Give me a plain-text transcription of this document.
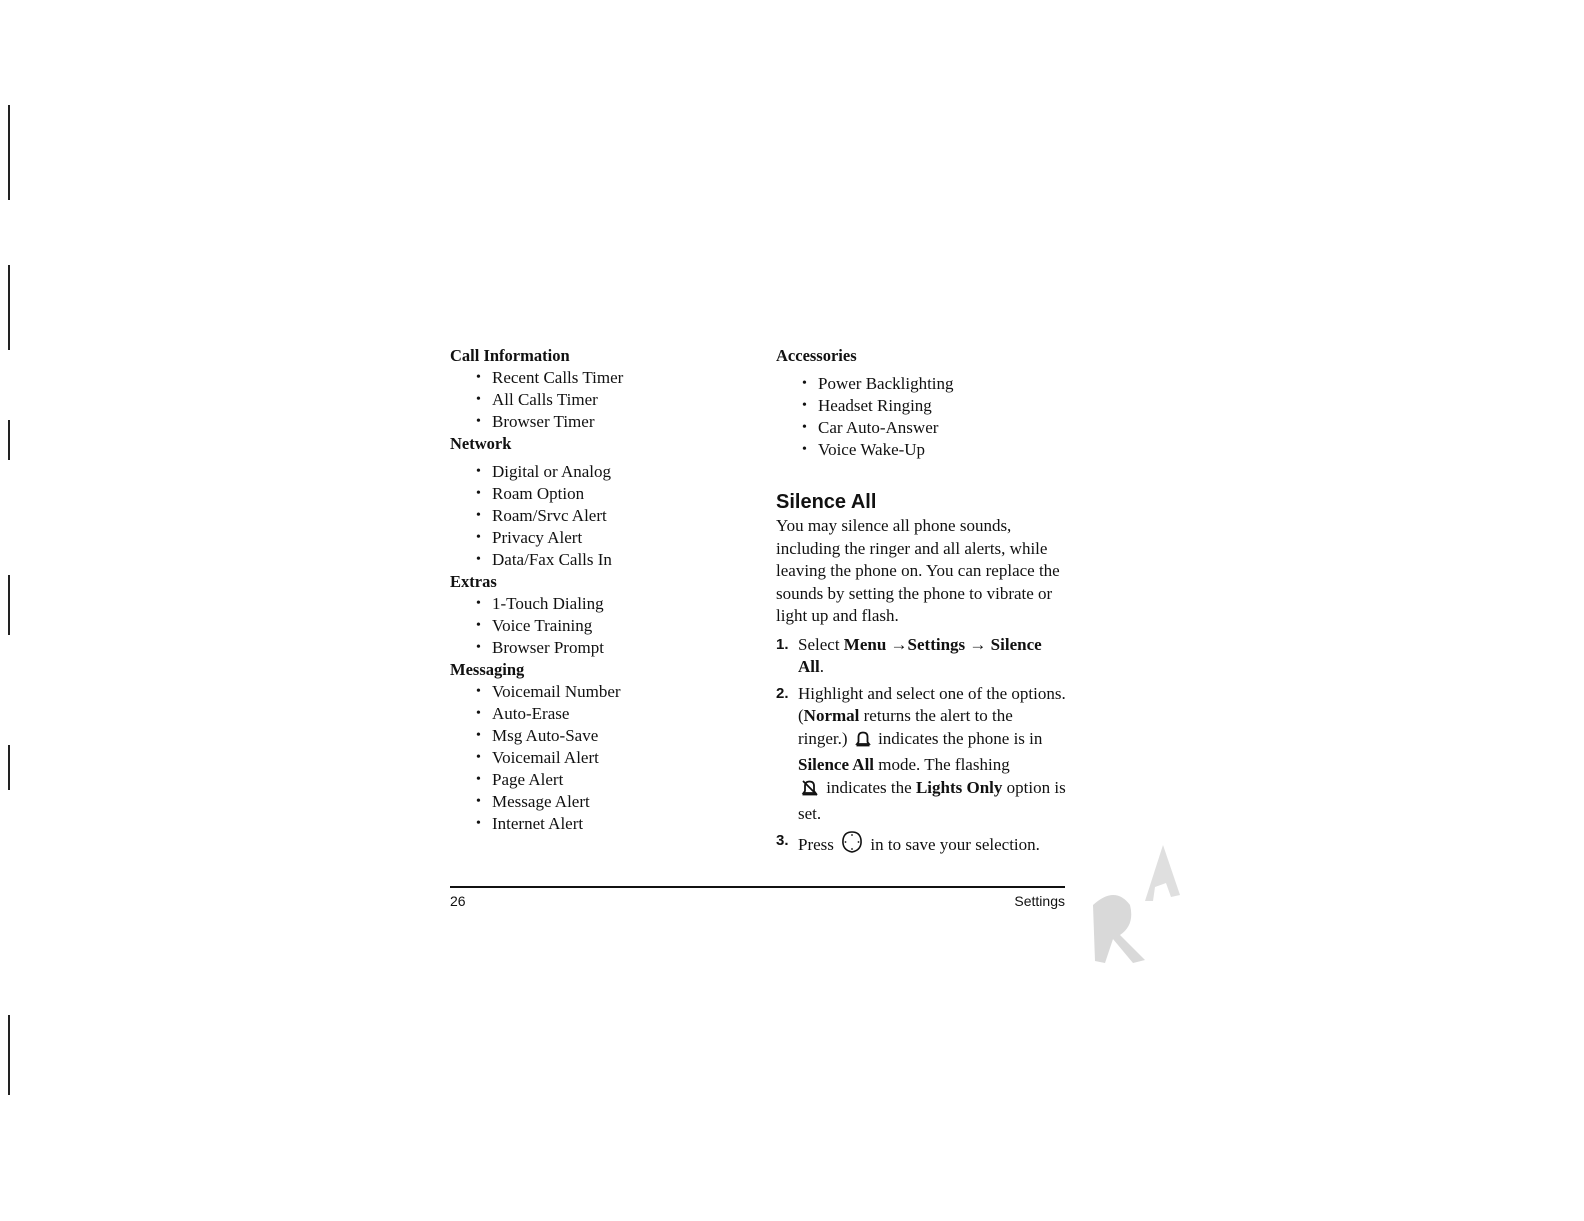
Call Information

• Recent Calls Timer
• All Calls Timer
• Browser Timer

Network

• Digital or Analog
• Roam Option
• Roam/Srvc Alert
• Privacy Alert
• Data/Fax Calls In

Extras

• 1-Touch Dialing
• Voice Training
• Browser Prompt

Messaging

• Voicemail Number
• Auto-Erase
• Msg Auto-Save
• Voicemail Alert
• Page Alert
• Message Alert
• Internet Alert

Accessories

• Power Backlighting
• Headset Ringing
• Car Auto-Answer
• Voice Wake-Up

Silence All

You may silence all phone sounds, including the ringer and all alerts, while leaving the phone on. You can replace the sounds by setting the phone to vibrate or light up and flash.

1. Select Menu →Settings → Silence All.
2. Highlight and select one of the options. (Normal returns the alert to the ringer.)  indicates the phone is in Silence All mode. The flashing
indicates the Lights Only option is set.
3. Press  in to save your selection.
26	Settings
